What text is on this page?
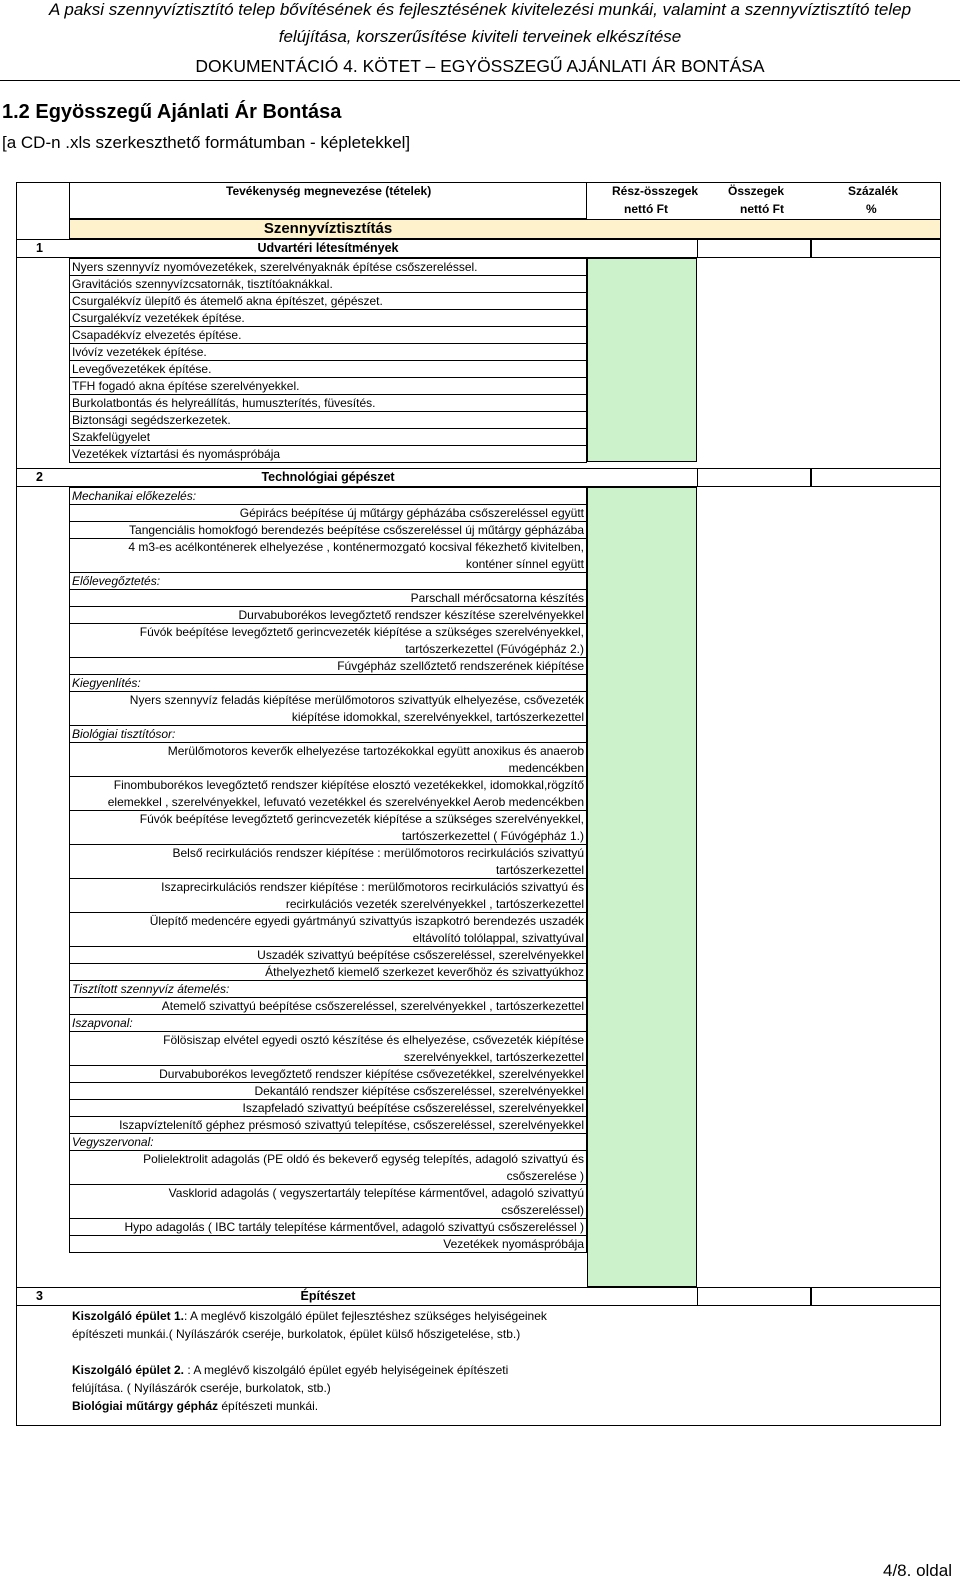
A paksi szennyvíztisztító telep bővítésének és fejlesztésének kivitelezési munkái, valamint a szennyvíztisztító telep
felújítása, korszerűsítése kiviteli terveinek elkészítése
DOKUMENTÁCIÓ 4. KÖTET – EGYÖSSZEGŰ AJÁNLATI ÁR BONTÁSA
1.2 Egyösszegű Ajánlati Ár Bontása
[a CD-n .xls szerkeszthető formátumban - képletekkel]
Tevékenység megnevezése (tételek)	Rész-összegek Összegek	Százalék
nettó Ft	nettó Ft	%
Szennyvíztisztítás
1	Udvartéri létesítmények
Nyers szennyvíz nyomóvezetékek, szerelvényaknák építése csőszereléssel.
Gravitációs szennyvízcsatornák, tisztítóaknákkal.
Csurgalékvíz ülepítő és átemelő akna építészet, gépészet.
Csurgalékvíz vezetékek építése.
Csapadékvíz elvezetés építése.
Ivóvíz vezetékek építése.
Levegővezetékek építése.
TFH fogadó akna építése szerelvényekkel.
Burkolatbontás és helyreállítás, humuszterítés, füvesítés.
Biztonsági segédszerkezetek.
Szakfelügyelet
Vezetékek víztartási és nyomáspróbája
2	Technológiai gépészet
Mechanikai előkezelés:
Gépirács beépítése új műtárgy gépházába csőszereléssel együtt
Tangenciális homokfogó berendezés beépítése csőszereléssel új műtárgy gépházába
4 m3-es acélkonténerek elhelyezése , konténermozgató kocsival fékezhető kivitelben,
konténer sínnel együtt
Előlevegőztetés:
Parschall mérőcsatorna készítés
Durvabuborékos levegőztető rendszer készítése szerelvényekkel
Fúvók beépítése levegőztető gerincvezeték kiépítése a szükséges szerelvényekkel,
tartószerkezettel (Fúvógépház 2.)
Fúvgépház szellőztető rendszerének kiépítése
Kiegyenlítés:
Nyers szennyvíz feladás kiépítése merülőmotoros szivattyúk elhelyezése, csővezeték
kiépítése idomokkal, szerelvényekkel, tartószerkezettel
Biológiai tisztítósor:
Merülőmotoros keverők elhelyezése tartozékokkal együtt anoxikus és anaerob
medencékben
Finombuborékos levegőztető rendszer kiépítése elosztó vezetékekkel, idomokkal,rögzítő
elemekkel , szerelvényekkel, lefuvató vezetékkel és szerelvényekkel Aerob medencékben
Fúvók beépítése levegőztető gerincvezeték kiépítése a szükséges szerelvényekkel,
tartószerkezettel ( Fúvógépház 1.)
Belső recirkulációs rendszer kiépítése : merülőmotoros recirkulációs szivattyú
tartószerkezettel
Iszaprecirkulációs rendszer kiépítése : merülőmotoros recirkulációs szivattyú és
recirkulációs vezeték szerelvényekkel , tartószerkezettel
Ülepítő medencére egyedi gyártmányú szivattyús iszapkotró berendezés uszadék
eltávolító tolólappal, szivattyúval
Uszadék szivattyú beépítése csőszereléssel, szerelvényekkel
Áthelyezhető kiemelő szerkezet keverőhöz és szivattyúkhoz
Tisztított szennyvíz átemelés:
Atemelő szivattyú beépítése csőszereléssel, szerelvényekkel , tartószerkezettel
Iszapvonal:
Fölösiszap elvétel egyedi osztó készítése és elhelyezése, csővezeték kiépítése
szerelvényekkel, tartószerkezettel
Durvabuborékos levegőztető rendszer kiépítése csővezetékkel, szerelvényekkel
Dekantáló rendszer kiépítése csőszereléssel, szerelvényekkel
Iszapfeladó szivattyú beépítése csőszereléssel, szerelvényekkel
Iszapvíztelenítő géphez présmosó szivattyú telepítése, csőszereléssel, szerelvényekkel
Vegyszervonal:
Polielektrolit adagolás (PE oldó és bekeverő egység telepítés, adagoló szivattyú és
csőszerelése )
Vasklorid adagolás ( vegyszertartály telepítése kármentővel, adagoló szivattyú
csőszereléssel)
Hypo adagolás ( IBC tartály telepítése kármentővel, adagoló szivattyú csőszereléssel )
Vezetékek nyomáspróbája
3	Építészet
Kiszolgáló épület 1.: A meglévő kiszolgáló épület fejlesztéshez szükséges helyiségeinek
építészeti munkái.( Nyílászárók cseréje, burkolatok, épület külső hőszigetelése, stb.)
Kiszolgáló épület 2. : A meglévő kiszolgáló épület egyéb helyiségeinek építészeti
felújítása. ( Nyílászárók cseréje, burkolatok, stb.)
Biológiai műtárgy gépház építészeti munkái.
4/8. oldal
